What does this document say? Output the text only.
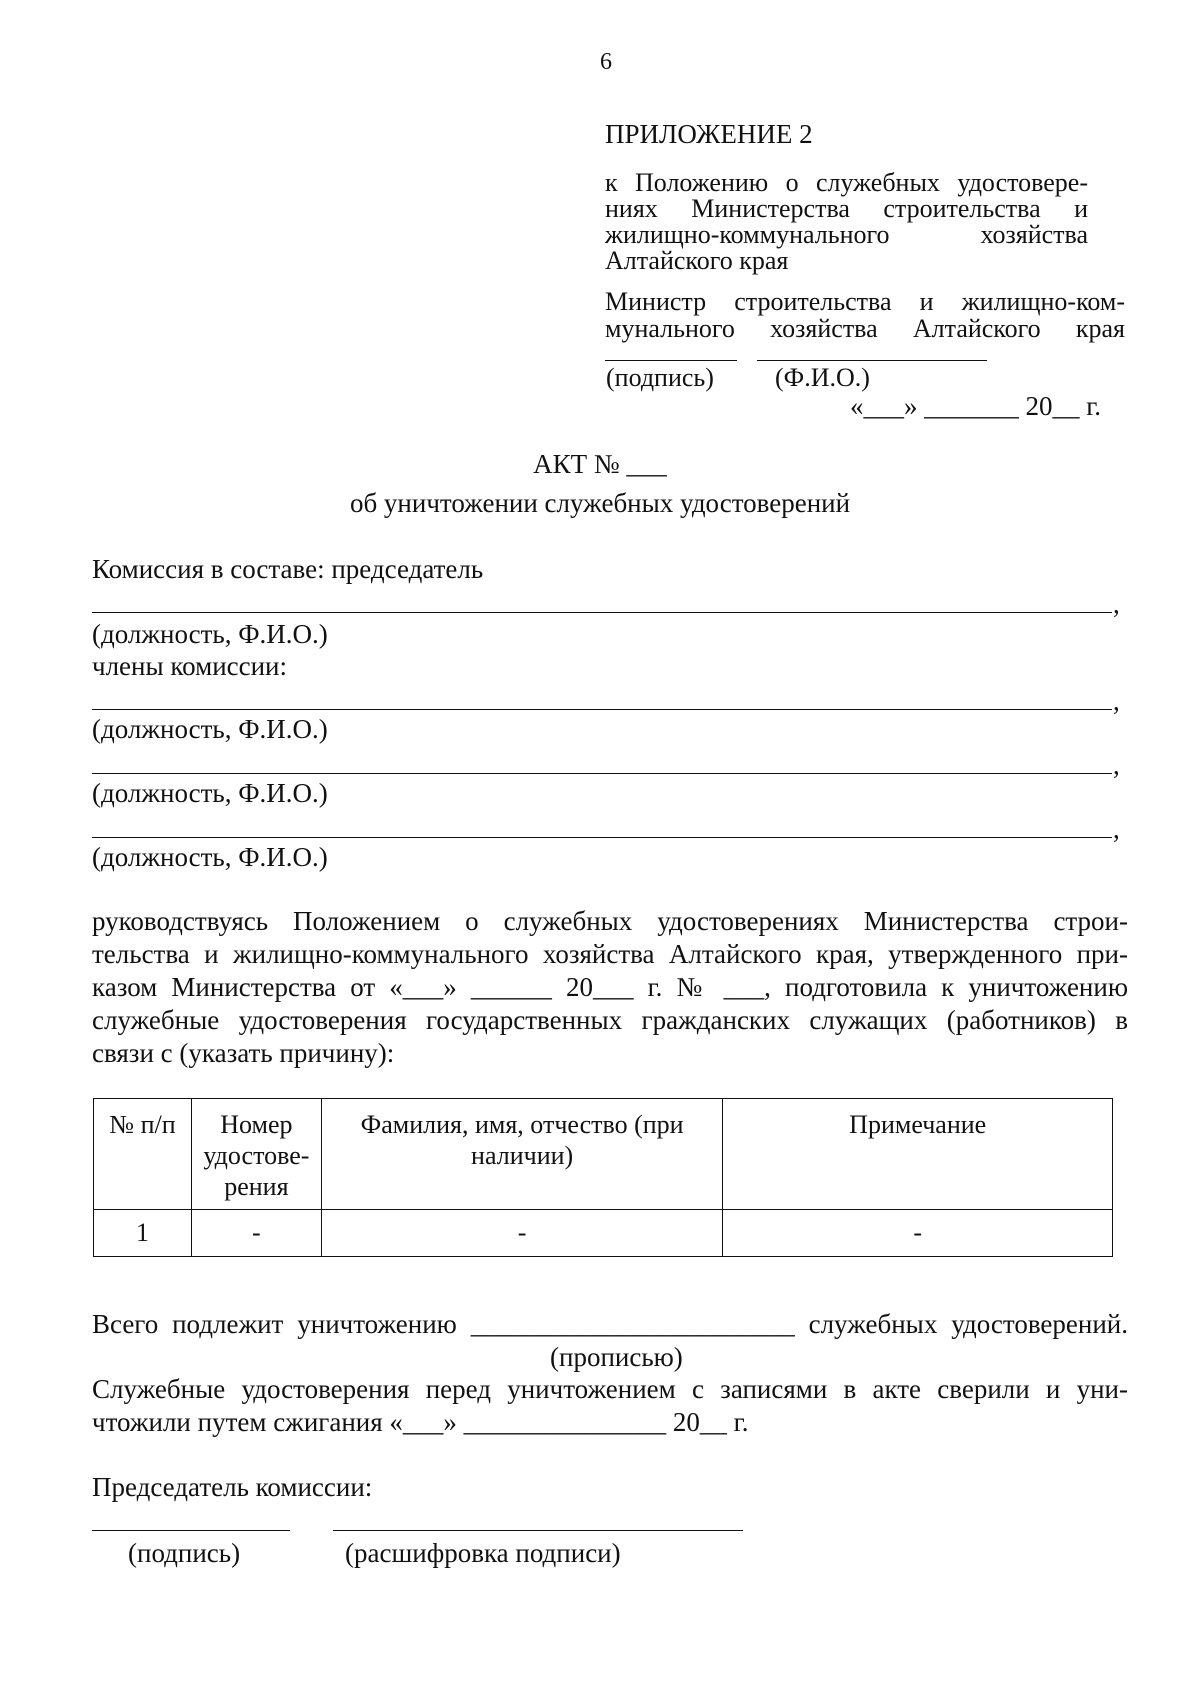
6
ПРИЛОЖЕНИЕ 2
к Положению о служебных удостовере-
ниях Министерства строительства и
жилищно-коммунального хозяйства
Алтайского края
Министр строительства и жилищно-ком-
мунального хозяйства Алтайского края
(подпись) (Ф.И.О.)
«___» _______ 20__ г.
АКТ № ___
об уничтожении служебных удостоверений
Комиссия в составе: председатель
,
(должность, Ф.И.О.)
члены комиссии:
,
(должность, Ф.И.О.)
,
(должность, Ф.И.О.)
,
(должность, Ф.И.О.)
руководствуясь Положением о служебных удостоверениях Министерства строи-
тельства и жилищно-коммунального хозяйства Алтайского края, утвержденного при-
казом Министерства от «___» ______ 20___ г. № ___, подготовила к уничтожению
служебные удостоверения государственных гражданских служащих (работников) в
связи с (указать причину):
№ п/п	Номер удостове-рения	Фамилия, имя, отчество (при наличии)	Примечание
1	-	-	-
Всего подлежит уничтожению ________________________ служебных удостоверений.
(прописью)
Служебные удостоверения перед уничтожением с записями в акте сверили и уни-
чтожили путем сжигания «___» _______________ 20__ г.
Председатель комиссии:
(подпись)	(расшифровка подписи)
